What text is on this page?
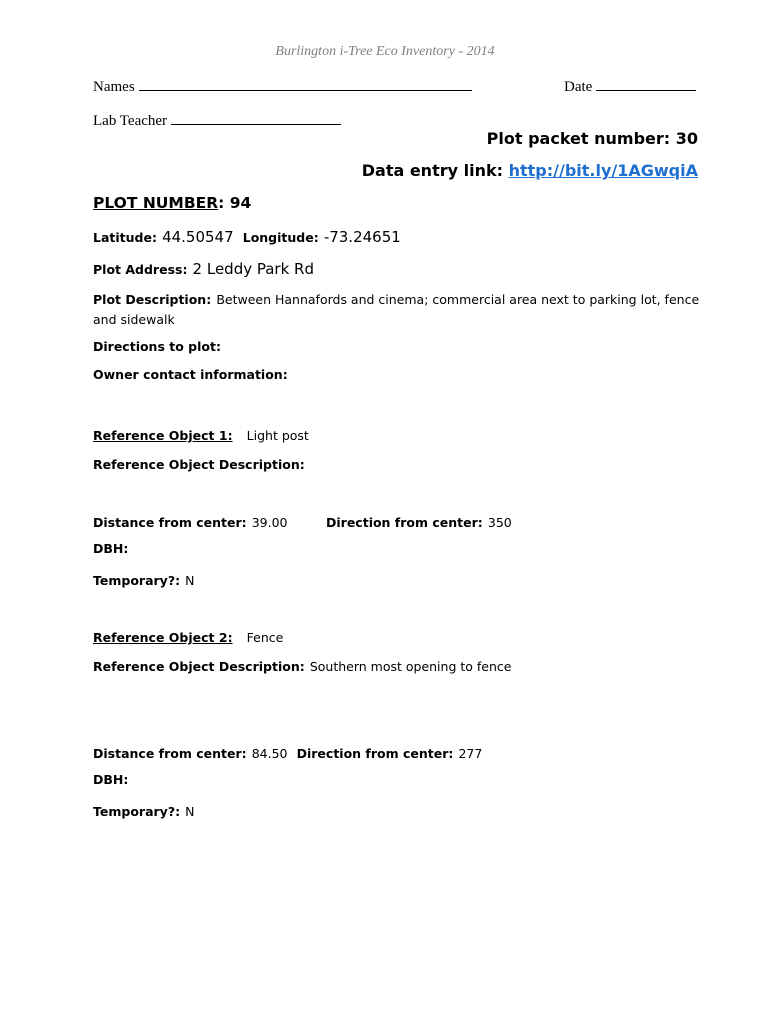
Burlington i-Tree Eco Inventory - 2014
Names	Date
Lab Teacher
Plot packet number: 30
Data entry link: http://bit.ly/1AGwqiA
PLOT NUMBER: 94
Latitude: 44.50547 Longitude: -73.24651
Plot Address: 2 Leddy Park Rd
Plot Description: Between Hannafords and cinema; commercial area next to parking lot, fence and sidewalk
Directions to plot:
Owner contact information:
Reference Object 1: Light post
Reference Object Description:
Distance from center: 39.00	Direction from center: 350
DBH:
Temporary?: N
Reference Object 2: Fence
Reference Object Description: Southern most opening to fence
Distance from center: 84.50 Direction from center: 277
DBH:
Temporary?: N
